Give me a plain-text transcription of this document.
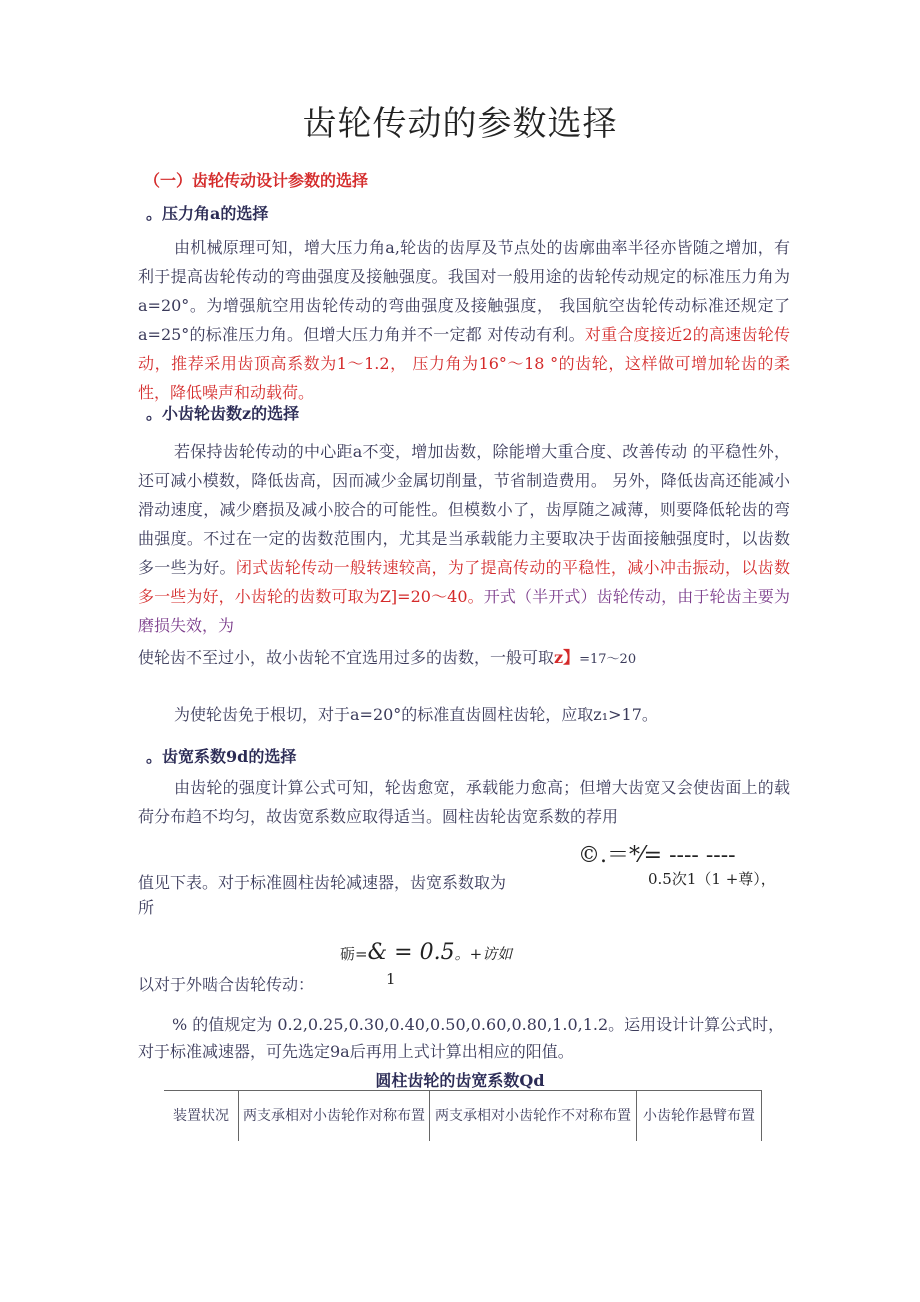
齿轮传动的参数选择
（一）齿轮传动设计参数的选择
。压力角a的选择

由机械原理可知，增大压力角a,轮齿的齿厚及节点处的齿廓曲率半径亦皆随之增加，有利于提高齿轮传动的弯曲强度及接触强度。我国对一般用途的齿轮传动规定的标准压力角为a=20°。为增强航空用齿轮传动的弯曲强度及接触强度， 我国航空齿轮传动标准还规定了 a=25°的标准压力角。但增大压力角并不一定都 对传动有利。对重合度接近2的高速齿轮传动，推荐采用齿顶高系数为1～1.2， 压力角为16°～18 °的齿轮，这样做可增加轮齿的柔性，降低噪声和动载荷。

。小齿轮齿数z的选择

若保持齿轮传动的中心距a不变，增加齿数，除能增大重合度、改善传动 的平稳性外，还可减小模数，降低齿高，因而减少金属切削量，节省制造费用。 另外，降低齿高还能减小滑动速度，减少磨损及减小胶合的可能性。但模数小了，齿厚随之减薄，则要降低轮齿的弯曲强度。不过在一定的齿数范围内，尤其是当承载能力主要取决于齿面接触强度时，以齿数多一些为好。闭式齿轮传动一般转速较高，为了提高传动的平稳性，减小冲击振动，以齿数多一些为好，小齿轮的齿数可取为Z]=20～40。开式（半开式）齿轮传动，由于轮齿主要为磨损失效，为

使轮齿不至过小，故小齿轮不宜选用过多的齿数，一般可取z】=17～20
为使轮齿免于根切，对于a=20°的标准直齿圆柱齿轮，应取z₁>17。
。齿宽系数9d的选择

由齿轮的强度计算公式可知，轮齿愈宽，承载能力愈高；但增大齿宽又会使齿面上的载荷分布趋不均匀，故齿宽系数应取得适当。圆柱齿轮齿宽系数的荐用

©.＝*⁄= ---- ----
0.5次1（1 +尊），
值见下表。对于标准圆柱齿轮减速器，齿宽系数取为
所
砺=& = 0.5。+访如
1
以对于外啮合齿轮传动：
% 的值规定为 0.2,0.25,0.30,0.40,0.50,0.60,0.80,1.0,1.2。运用设计计算公式时，
对于标准减速器，可先选定9a后再用上式计算出相应的阳值。
圆柱齿轮的齿宽系数Qd
装置状况	两支承相对小齿轮作对称布置	两支承相对小齿轮作不对称布置	小齿轮作悬臂布置
